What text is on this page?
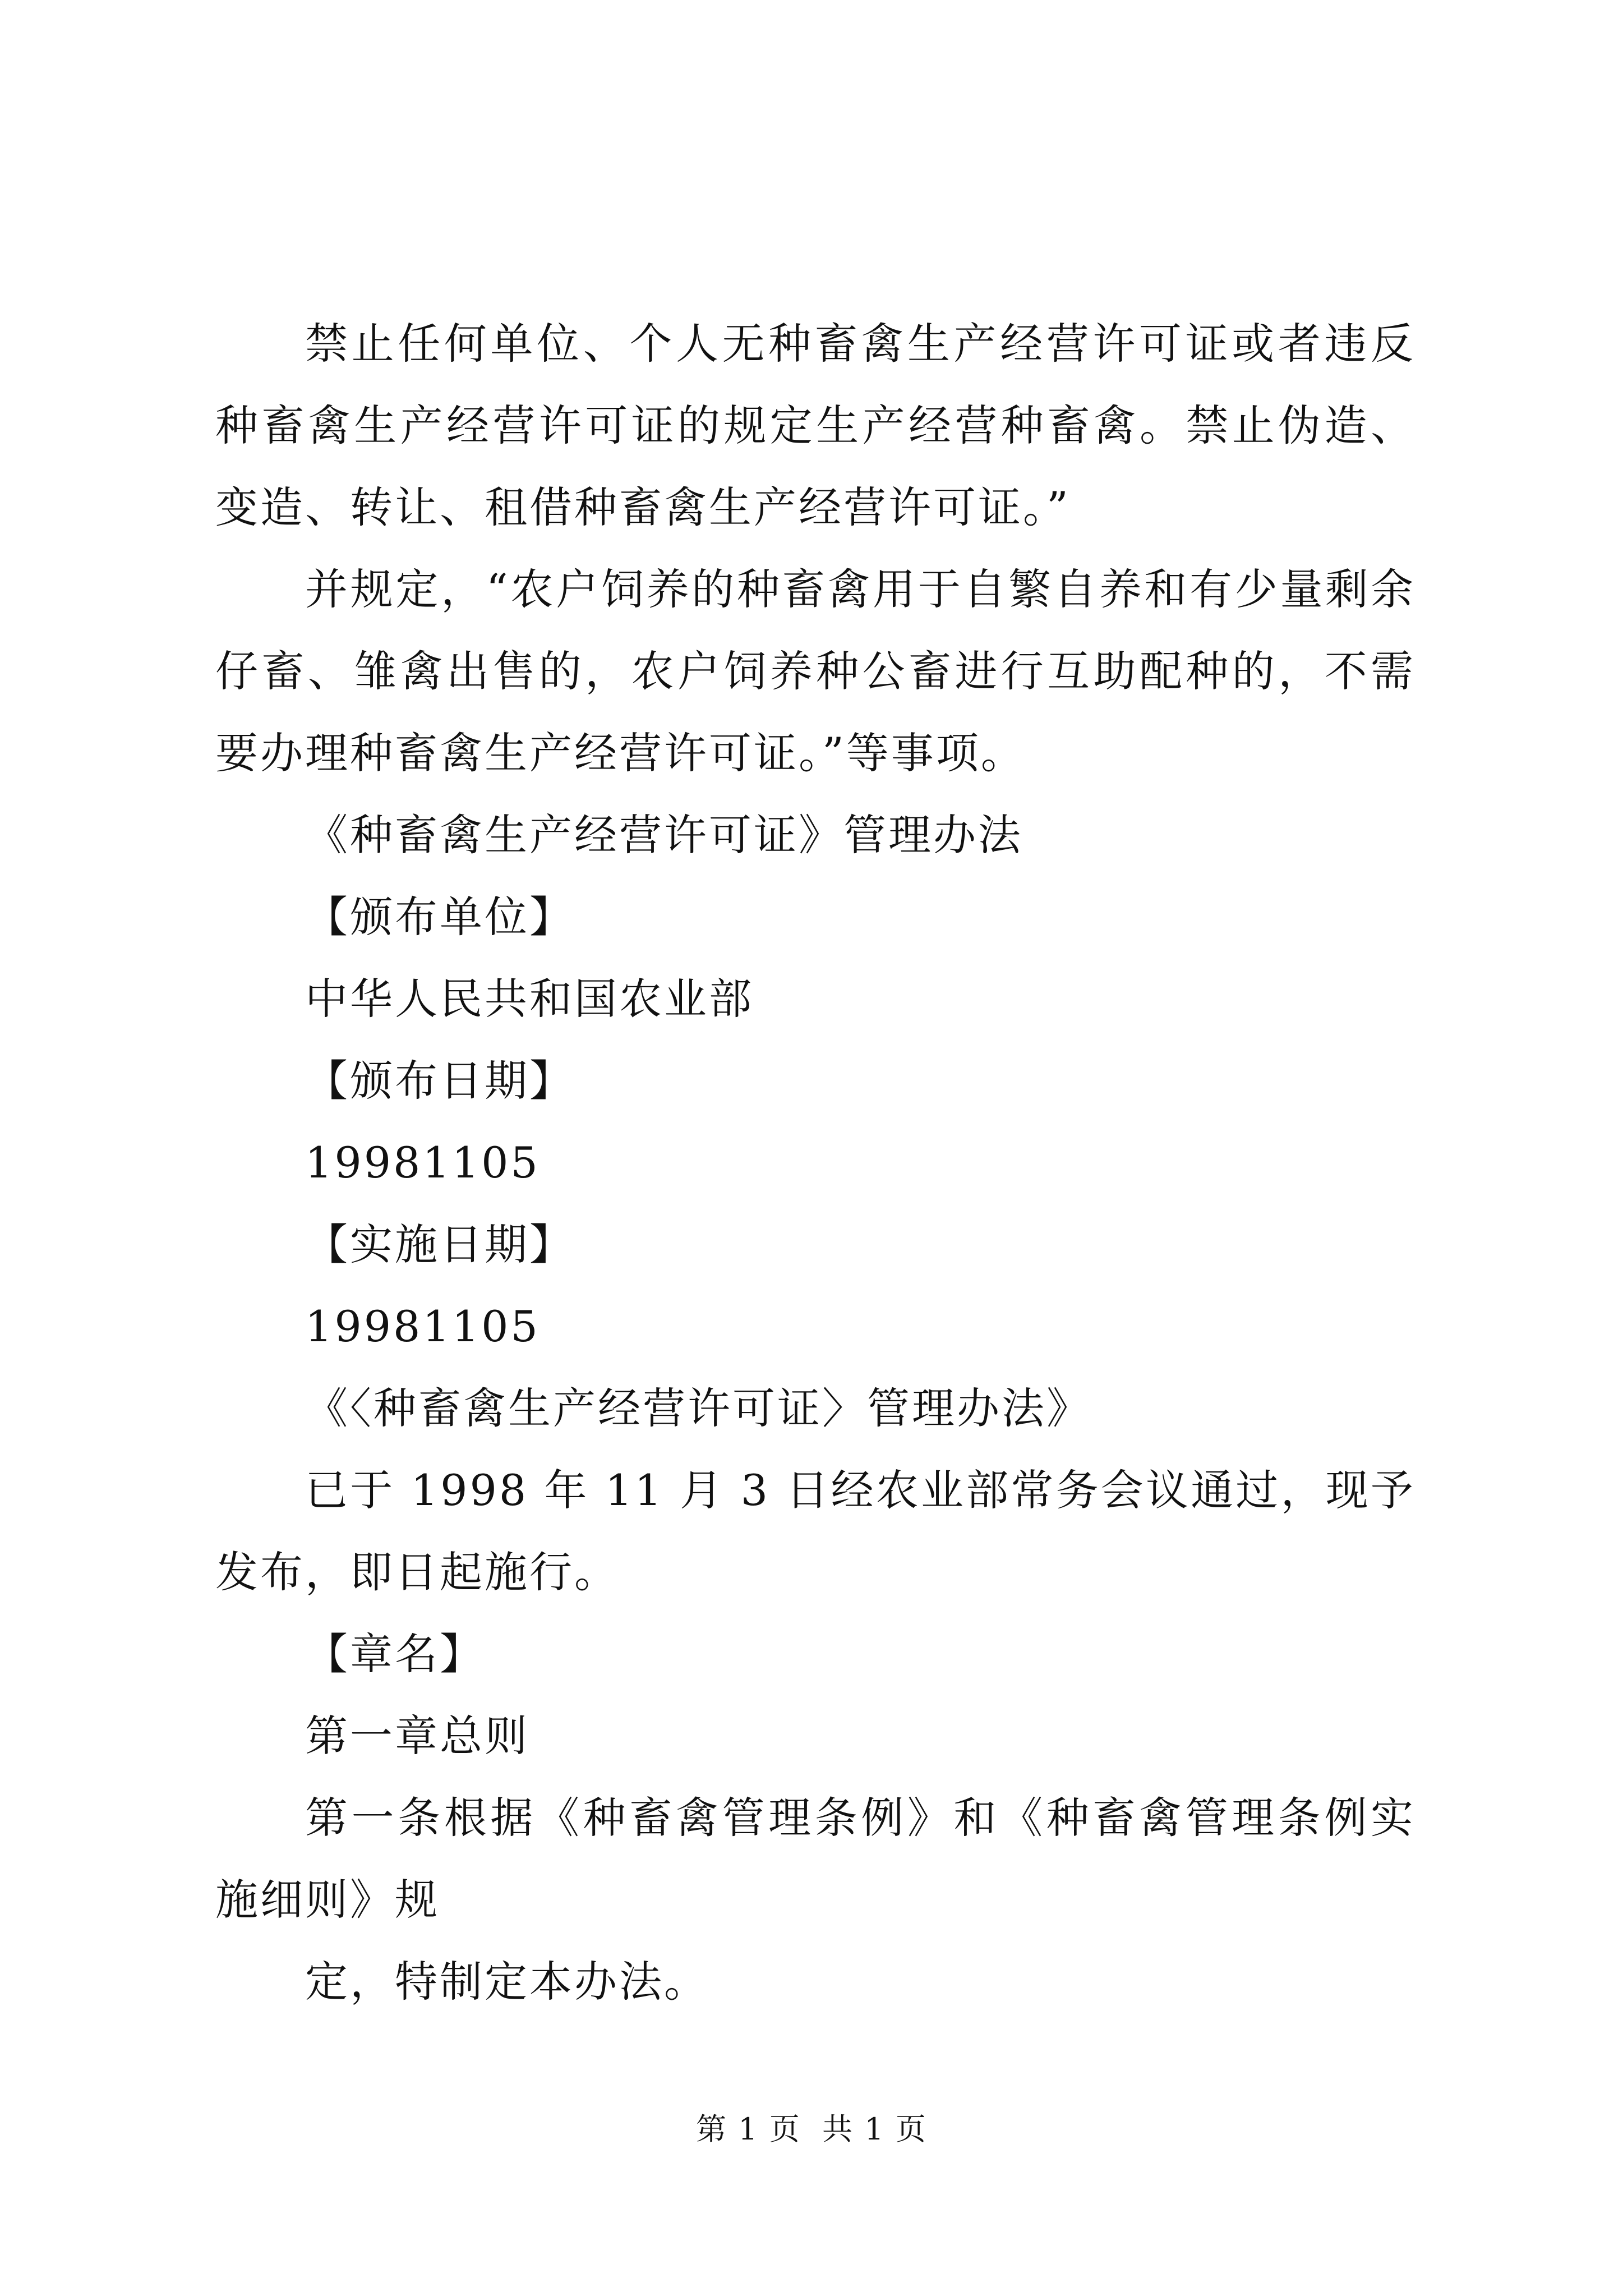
禁止任何单位、个人无种畜禽生产经营许可证或者违反种畜禽生产经营许可证的规定生产经营种畜禽。禁止伪造、变造、转让、租借种畜禽生产经营许可证。”

并规定，“农户饲养的种畜禽用于自繁自养和有少量剩余仔畜、雏禽出售的，农户饲养种公畜进行互助配种的，不需要办理种畜禽生产经营许可证。”等事项。

《种畜禽生产经营许可证》管理办法

【颁布单位】

中华人民共和国农业部

【颁布日期】

19981105

【实施日期】

19981105

《〈种畜禽生产经营许可证〉管理办法》

已于 1998 年 11 月 3 日经农业部常务会议通过，现予发布，即日起施行。

【章名】

第一章总则

第一条根据《种畜禽管理条例》和《种畜禽管理条例实施细则》规

定，特制定本办法。

第 1 页  共 1 页
